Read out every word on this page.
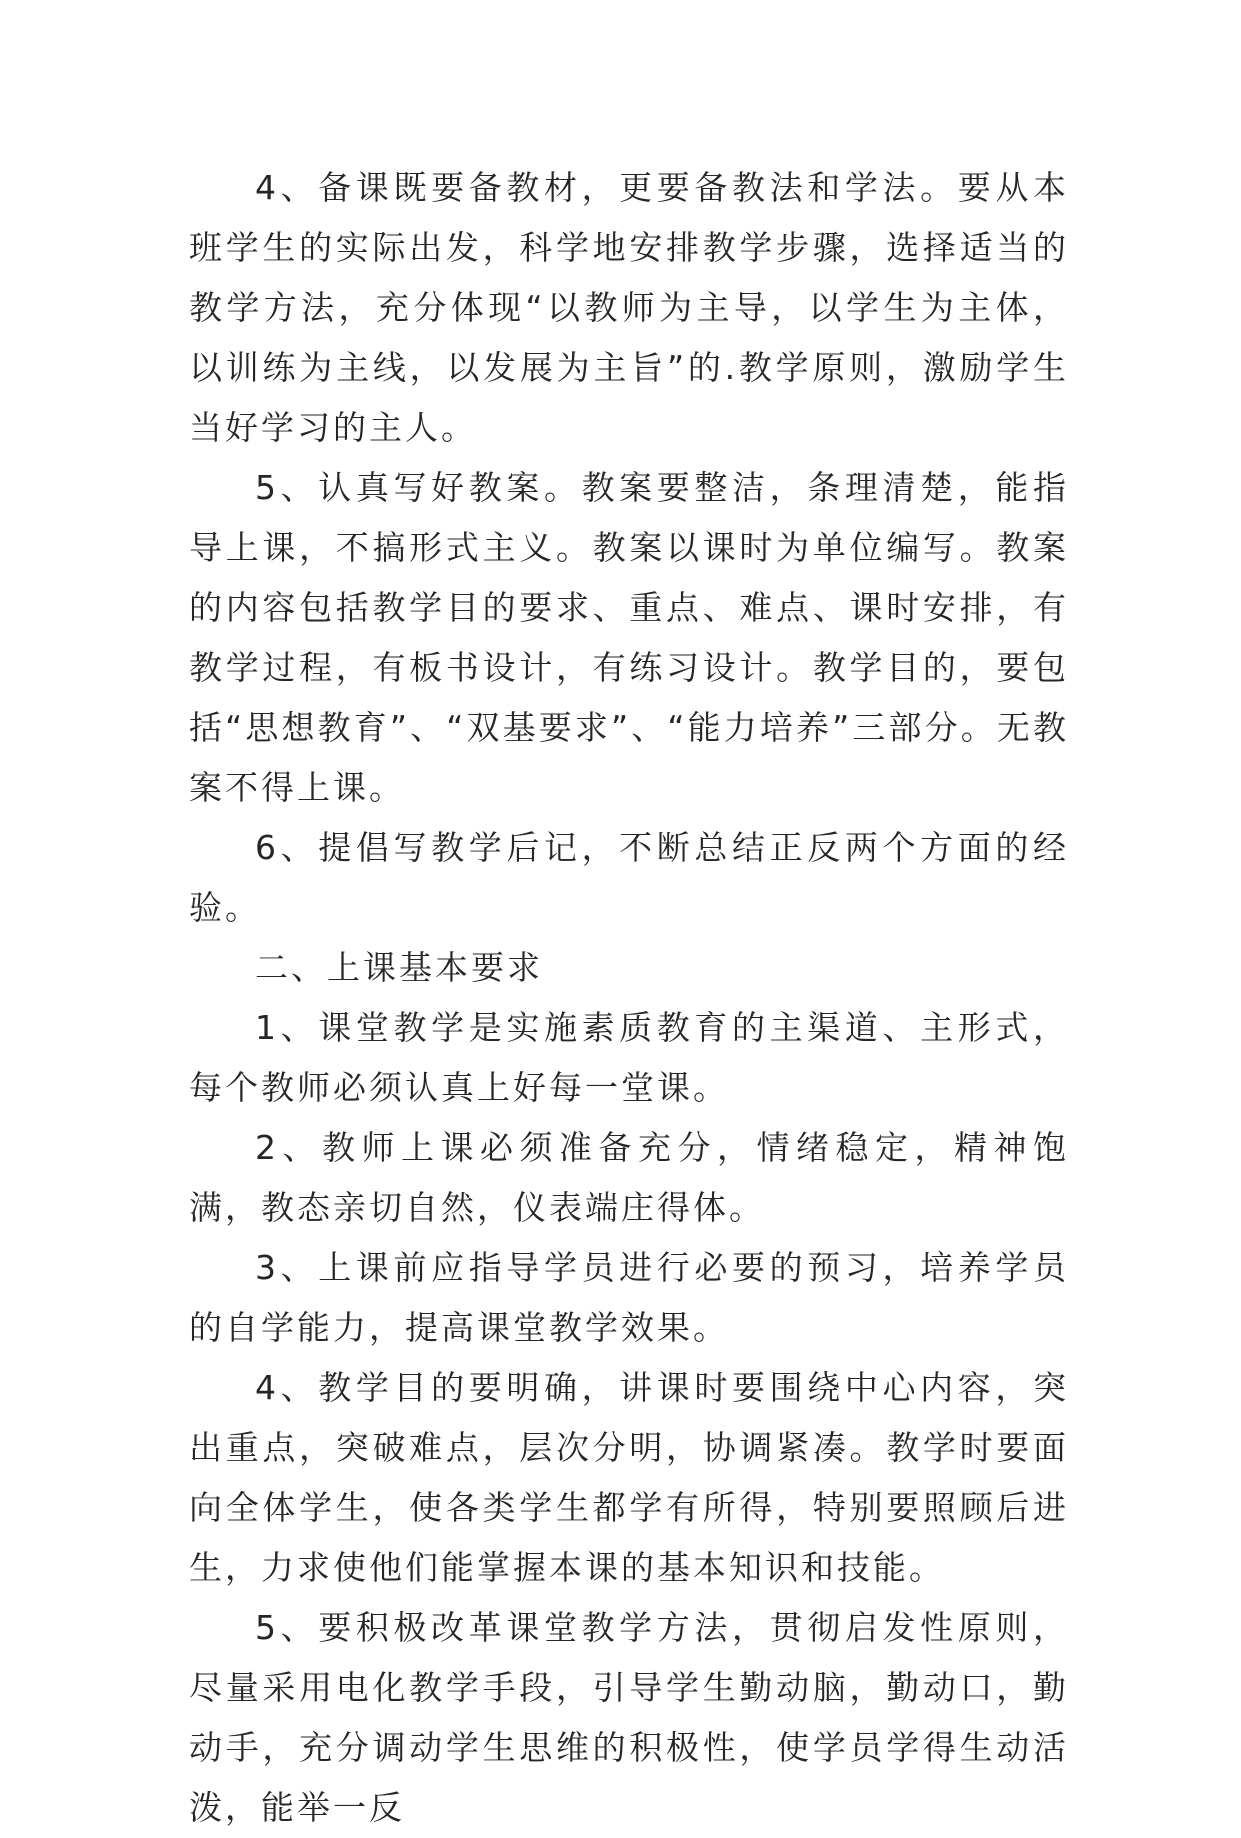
4、备课既要备教材，更要备教法和学法。要从本班学生的实际出发，科学地安排教学步骤，选择适当的教学方法，充分体现“以教师为主导，以学生为主体，以训练为主线，以发展为主旨”的.教学原则，激励学生当好学习的主人。

5、认真写好教案。教案要整洁，条理清楚，能指导上课，不搞形式主义。教案以课时为单位编写。教案的内容包括教学目的要求、重点、难点、课时安排，有教学过程，有板书设计，有练习设计。教学目的，要包括“思想教育”、“双基要求”、“能力培养”三部分。无教案不得上课。

6、提倡写教学后记，不断总结正反两个方面的经验。

二、上课基本要求

1、课堂教学是实施素质教育的主渠道、主形式，每个教师必须认真上好每一堂课。

2、教师上课必须准备充分，情绪稳定，精神饱满，教态亲切自然，仪表端庄得体。

3、上课前应指导学员进行必要的预习，培养学员的自学能力，提高课堂教学效果。

4、教学目的要明确，讲课时要围绕中心内容，突出重点，突破难点，层次分明，协调紧凑。教学时要面向全体学生，使各类学生都学有所得，特别要照顾后进生，力求使他们能掌握本课的基本知识和技能。

5、要积极改革课堂教学方法，贯彻启发性原则，尽量采用电化教学手段，引导学生勤动脑，勤动口，勤动手，充分调动学生思维的积极性，使学员学得生动活泼，能举一反
